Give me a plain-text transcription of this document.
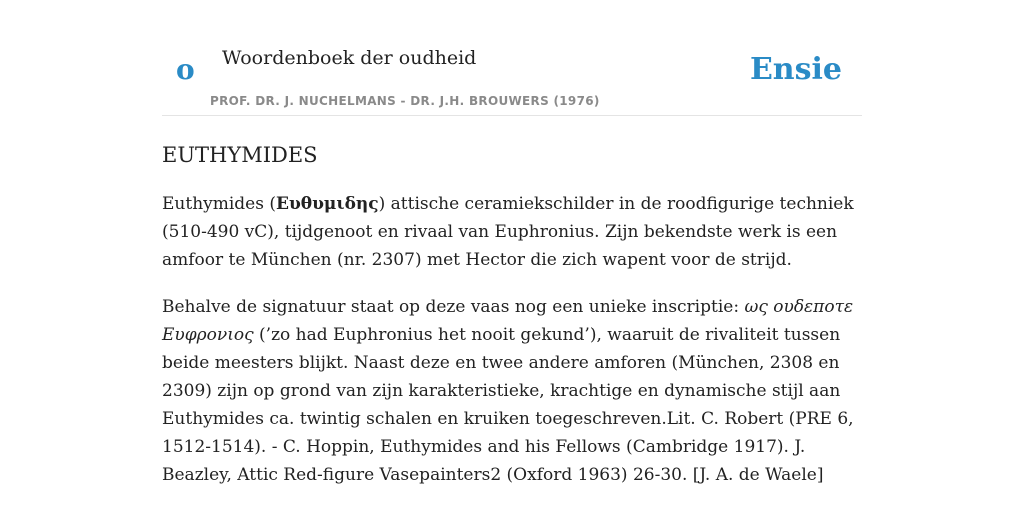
o Woordenboek der oudheid
PROF. DR. J. NUCHELMANS - DR. J.H. BROUWERS (1976)
Ensie
EUTHYMIDES

Euthymides (Ευθυμιδης) attische ceramiekschilder in de roodfigurige techniek (510-490 vC), tijdgenoot en rivaal van Euphronius. Zijn bekendste werk is een amfoor te München (nr. 2307) met Hector die zich wapent voor de strijd.

Behalve de signatuur staat op deze vaas nog een unieke inscriptie: ως ουδεποτε Ευφρονιος (’zo had Euphronius het nooit gekund’), waaruit de rivaliteit tussen beide meesters blijkt. Naast deze en twee andere amforen (München, 2308 en 2309) zijn op grond van zijn karakteristieke, krachtige en dynamische stijl aan Euthymides ca. twintig schalen en kruiken toegeschreven.Lit. C. Robert (PRE 6, 1512-1514). - C. Hoppin, Euthymides and his Fellows (Cambridge 1917). J. Beazley, Attic Red-figure Vasepainters2 (Oxford 1963) 26-30. [J. A. de Waele]
